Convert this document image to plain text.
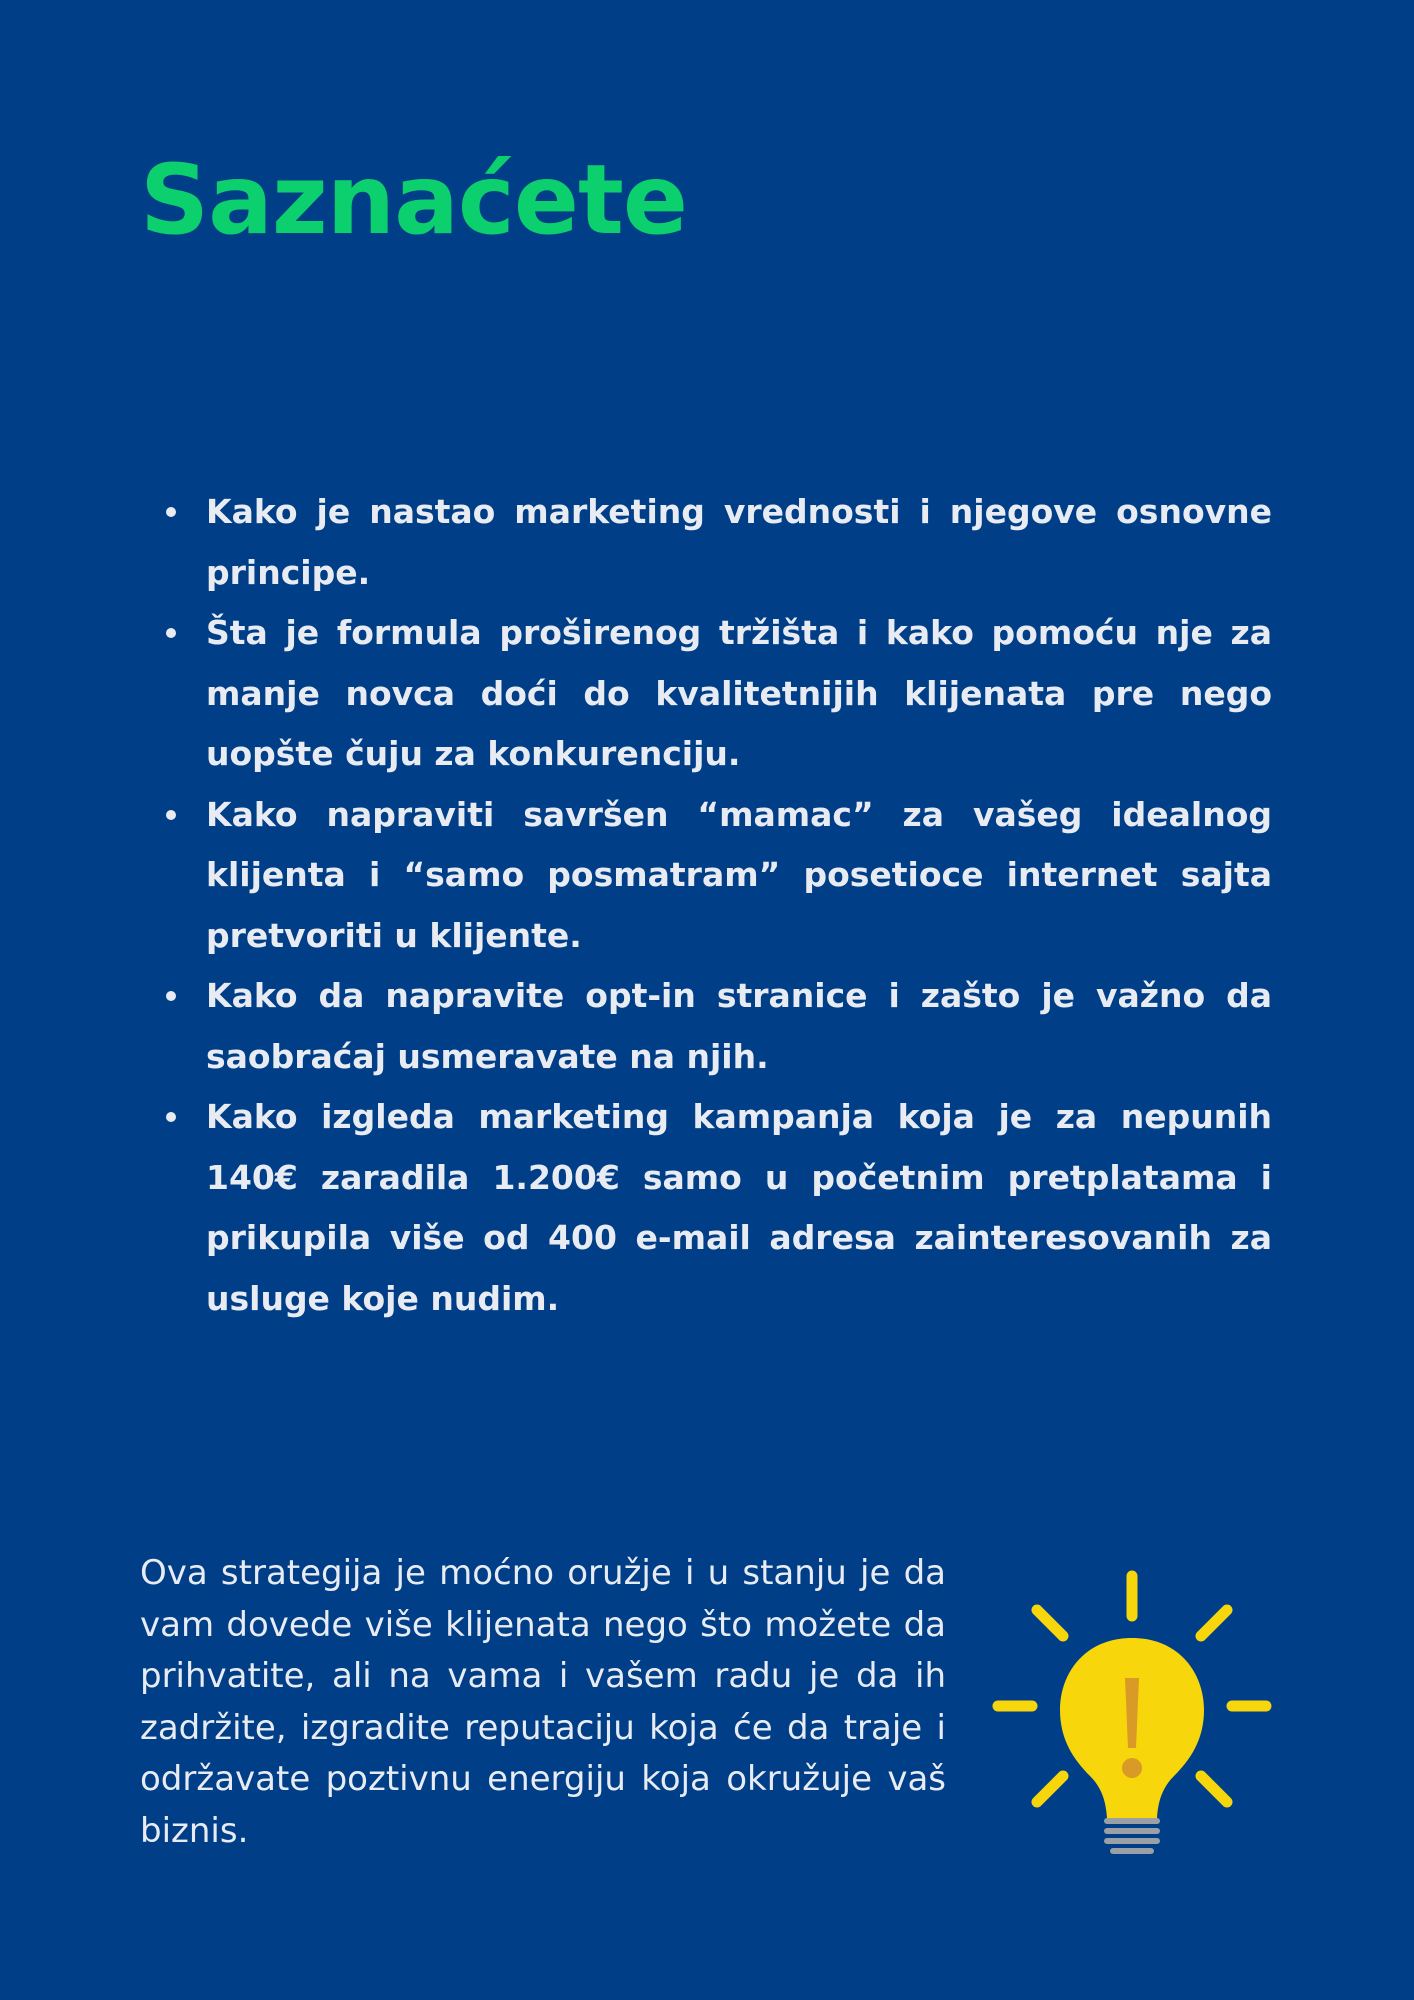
Saznaćete
Kako je nastao marketing vrednosti i njegove osnovne principe.
Šta je formula proširenog tržišta i kako pomoću nje za manje novca doći do kvalitetnijih klijenata pre nego uopšte čuju za konkurenciju.
Kako napraviti savršen “mamac” za vašeg idealnog klijenta i “samo posmatram” posetioce internet sajta pretvoriti u klijente.
Kako da napravite opt-in stranice i zašto je važno da saobraćaj usmeravate na njih.
Kako izgleda marketing kampanja koja je za nepunih 140€ zaradila 1.200€ samo u početnim pretplatama i prikupila više od 400 e-mail adresa zainteresovanih za usluge koje nudim.

Ova strategija je moćno oružje i u stanju je da vam dovede više klijenata nego što možete da prihvatite, ali na vama i vašem radu je da ih zadržite, izgradite reputaciju koja će da traje i održavate poztivnu energiju koja okružuje vaš biznis.
